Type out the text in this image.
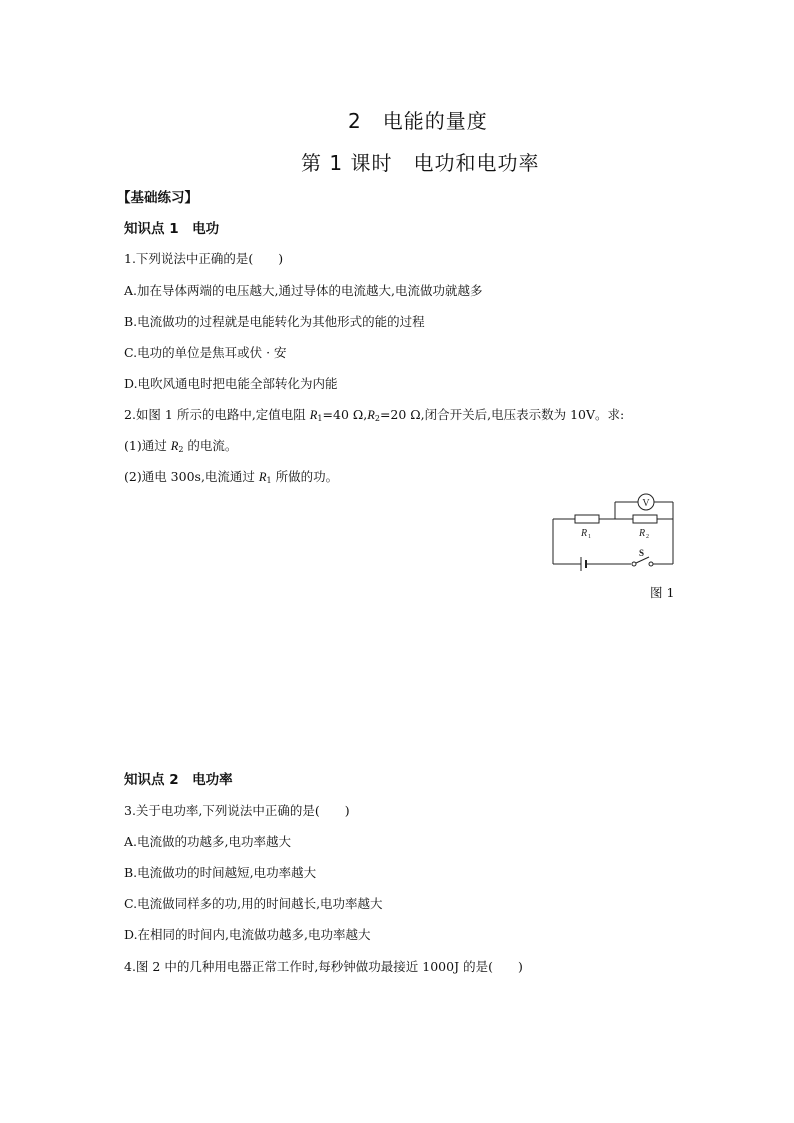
2　电能的量度
第 1 课时　电功和电功率
【基础练习】
知识点 1　电功
1.下列说法中正确的是(　　)
A.加在导体两端的电压越大,通过导体的电流越大,电流做功就越多
B.电流做功的过程就是电能转化为其他形式的能的过程
C.电功的单位是焦耳或伏 · 安
D.电吹风通电时把电能全部转化为内能
2.如图 1 所示的电路中,定值电阻 $R_1=40$ $\Omega,R_2=20$ Ω,闭合开关后,电压表示数为 10V。求:
(1)通过 $R_2$ 的电流。
(2)通电 300s,电流通过 $R_1$ 所做的功。
V
R 1	R 2
S
图 1
知识点 2　电功率
3.关于电功率,下列说法中正确的是(　　)
A.电流做的功越多,电功率越大
B.电流做功的时间越短,电功率越大
C.电流做同样多的功,用的时间越长,电功率越大
D.在相同的时间内,电流做功越多,电功率越大
4.图 2 中的几种用电器正常工作时,每秒钟做功最接近 1000J 的是(　　)
